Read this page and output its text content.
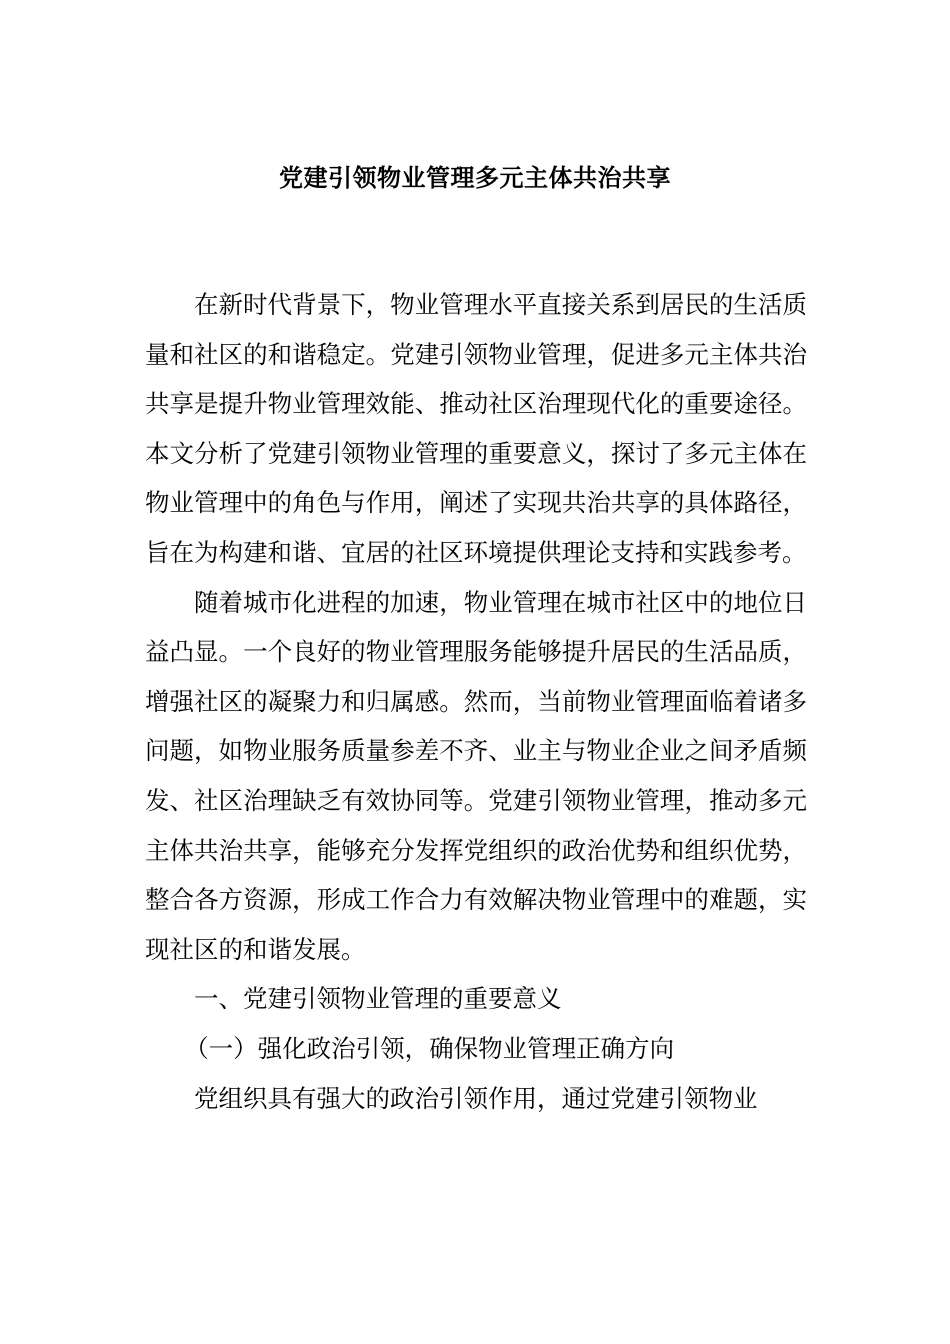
党建引领物业管理多元主体共治共享

在新时代背景下，物业管理水平直接关系到居民的生活质量和社区的和谐稳定。党建引领物业管理，促进多元主体共治共享是提升物业管理效能、推动社区治理现代化的重要途径。本文分析了党建引领物业管理的重要意义，探讨了多元主体在物业管理中的角色与作用，阐述了实现共治共享的具体路径，旨在为构建和谐、宜居的社区环境提供理论支持和实践参考。

随着城市化进程的加速，物业管理在城市社区中的地位日益凸显。一个良好的物业管理服务能够提升居民的生活品质，增强社区的凝聚力和归属感。然而，当前物业管理面临着诸多问题，如物业服务质量参差不齐、业主与物业企业之间矛盾频发、社区治理缺乏有效协同等。党建引领物业管理，推动多元主体共治共享，能够充分发挥党组织的政治优势和组织优势，整合各方资源，形成工作合力有效解决物业管理中的难题，实现社区的和谐发展。

一、党建引领物业管理的重要意义

（一）强化政治引领，确保物业管理正确方向

党组织具有强大的政治引领作用，通过党建引领物业
